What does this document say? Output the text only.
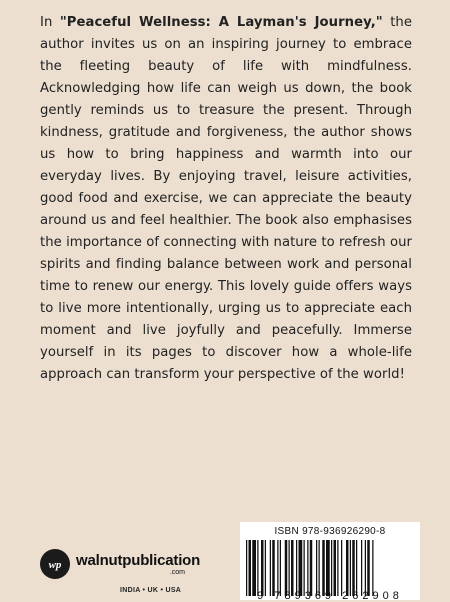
In "Peaceful Wellness: A Layman's Journey," the author invites us on an inspiring journey to embrace the fleeting beauty of life with mindfulness. Acknowledging how life can weigh us down, the book gently reminds us to treasure the present. Through kindness, gratitude and forgiveness, the author shows us how to bring happiness and warmth into our everyday lives. By enjoying travel, leisure activities, good food and exercise, we can appreciate the beauty around us and feel healthier. The book also emphasises the importance of connecting with nature to refresh our spirits and finding balance between work and personal time to renew our energy. This lovely guide offers ways to live more intentionally, urging us to appreciate each moment and live joyfully and peacefully. Immerse yourself in its pages to discover how a whole-life approach can transform your perspective of the world!

wp walnutpublication
.com
INDIA • UK • USA
ISBN 978-936926290-8
9 789369 262908
